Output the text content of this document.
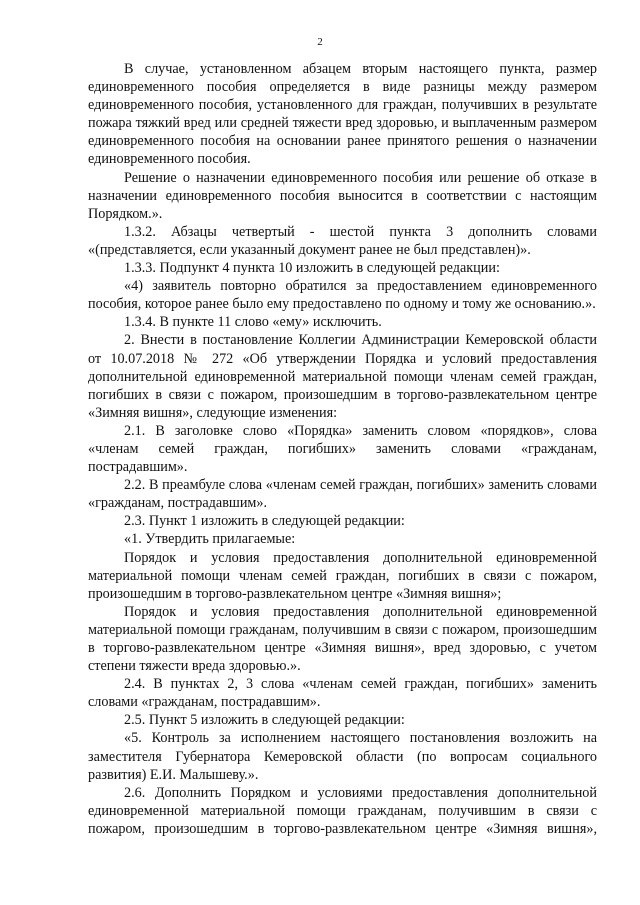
2

В случае, установленном абзацем вторым настоящего пункта, размер единовременного пособия определяется в виде разницы между размером единовременного пособия, установленного для граждан, получивших в результате пожара тяжкий вред или средней тяжести вред здоровью, и выплаченным размером единовременного пособия на основании ранее принятого решения о назначении единовременного пособия.

Решение о назначении единовременного пособия или решение об отказе в назначении единовременного пособия выносится в соответствии с настоящим Порядком.».

1.3.2. Абзацы четвертый - шестой пункта 3 дополнить словами «(представляется, если указанный документ ранее не был представлен)».

1.3.3. Подпункт 4 пункта 10 изложить в следующей редакции:

«4) заявитель повторно обратился за предоставлением единовременного пособия, которое ранее было ему предоставлено по одному и тому же основанию.».

1.3.4. В пункте 11 слово «ему» исключить.

2. Внести в постановление Коллегии Администрации Кемеровской области от 10.07.2018 № 272 «Об утверждении Порядка и условий предоставления дополнительной единовременной материальной помощи членам семей граждан, погибших в связи с пожаром, произошедшим в торгово-развлекательном центре «Зимняя вишня», следующие изменения:

2.1. В заголовке слово «Порядка» заменить словом «порядков», слова «членам семей граждан, погибших» заменить словами «гражданам, пострадавшим».

2.2. В преамбуле слова «членам семей граждан, погибших» заменить словами «гражданам, пострадавшим».

2.3. Пункт 1 изложить в следующей редакции:

«1. Утвердить прилагаемые:

Порядок и условия предоставления дополнительной единовременной материальной помощи членам семей граждан, погибших в связи с пожаром, произошедшим в торгово-развлекательном центре «Зимняя вишня»;

Порядок и условия предоставления дополнительной единовременной материальной помощи гражданам, получившим в связи с пожаром, произошедшим в торгово-развлекательном центре «Зимняя вишня», вред здоровью, с учетом степени тяжести вреда здоровью.».

2.4. В пунктах 2, 3 слова «членам семей граждан, погибших» заменить словами «гражданам, пострадавшим».

2.5. Пункт 5 изложить в следующей редакции:

«5. Контроль за исполнением настоящего постановления возложить на заместителя Губернатора Кемеровской области (по вопросам социального развития) Е.И. Малышеву.».

2.6. Дополнить Порядком и условиями предоставления дополнительной единовременной материальной помощи гражданам, получившим в связи с пожаром, произошедшим в торгово-развлекательном центре «Зимняя вишня»,
